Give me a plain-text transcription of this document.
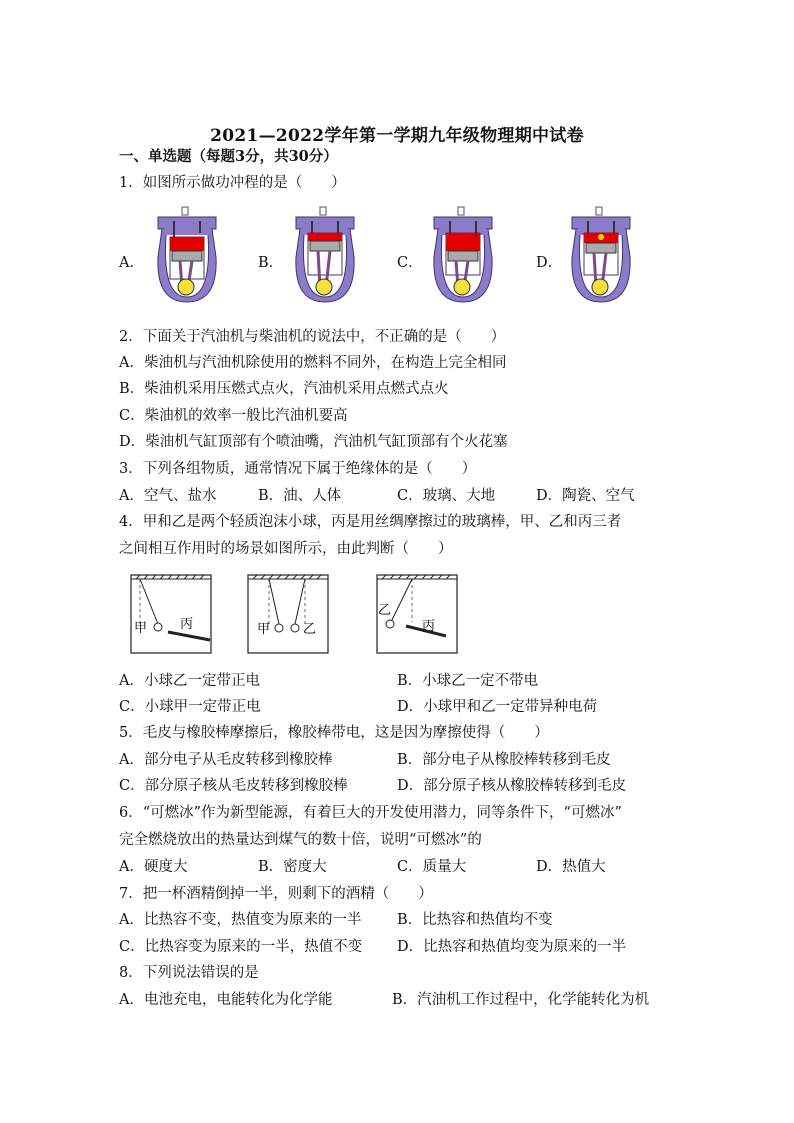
2021—2022学年第一学期九年级物理期中试卷
一、单选题（每题3分，共30分）
1．如图所示做功冲程的是（　　）
A．	B．	C．	D．
2．下面关于汽油机与柴油机的说法中，不正确的是（　　）
A．柴油机与汽油机除使用的燃料不同外，在构造上完全相同
B．柴油机采用压燃式点火，汽油机采用点燃式点火
C．柴油机的效率一般比汽油机要高
D．柴油机气缸顶部有个喷油嘴，汽油机气缸顶部有个火花塞
3．下列各组物质，通常情况下属于绝缘体的是（　　）
A．空气、盐水	B．油、人体	C．玻璃、大地	D．陶瓷、空气
4．甲和乙是两个轻质泡沫小球，丙是用丝绸摩擦过的玻璃棒，甲、乙和丙三者
之间相互作用时的场景如图所示，由此判断（　　）
甲	丙	甲	乙
乙
丙
A．小球乙一定带正电	B．小球乙一定不带电
C．小球甲一定带正电	D．小球甲和乙一定带异种电荷
5．毛皮与橡胶棒摩擦后，橡胶棒带电，这是因为摩擦使得（　　）
A．部分电子从毛皮转移到橡胶棒	B．部分电子从橡胶棒转移到毛皮
C．部分原子核从毛皮转移到橡胶棒	D．部分原子核从橡胶棒转移到毛皮
6．“可燃冰”作为新型能源，有着巨大的开发使用潜力，同等条件下，“可燃冰”
完全燃烧放出的热量达到煤气的数十倍，说明“可燃冰”的
A．硬度大	B．密度大	C．质量大	D．热值大
7．把一杯酒精倒掉一半，则剩下的酒精（　　）
A．比热容不变，热值变为原来的一半 B．比热容和热值均不变
C．比热容变为原来的一半，热值不变 D．比热容和热值均变为原来的一半
8．下列说法错误的是
A．电池充电，电能转化为化学能	B．汽油机工作过程中，化学能转化为机
